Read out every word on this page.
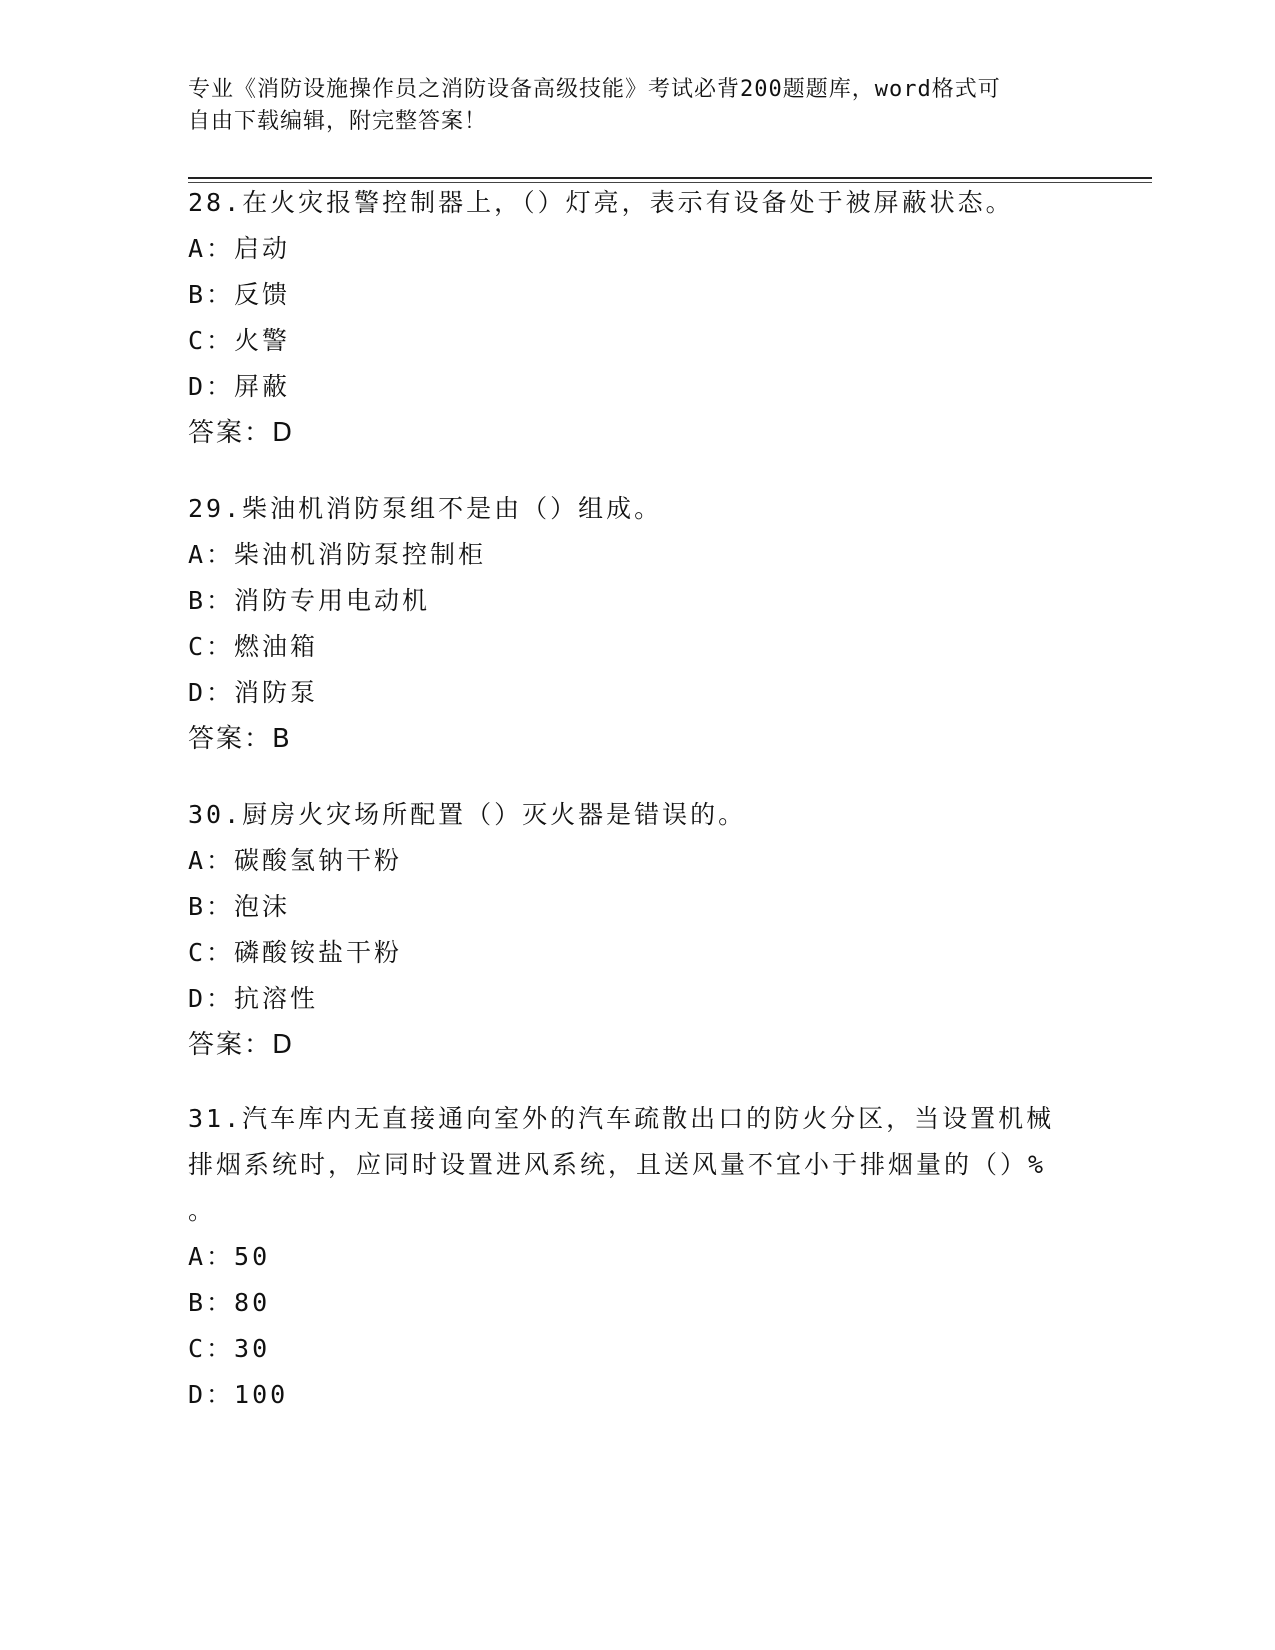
专业《消防设施操作员之消防设备高级技能》考试必背200题题库，word格式可
自由下载编辑，附完整答案！
28.在火灾报警控制器上，（）灯亮，表示有设备处于被屏蔽状态。
A：启动
B：反馈
C：火警
D：屏蔽
答案：D
29.柴油机消防泵组不是由（）组成。
A：柴油机消防泵控制柜
B：消防专用电动机
C：燃油箱
D：消防泵
答案：B
30.厨房火灾场所配置（）灭火器是错误的。
A：碳酸氢钠干粉
B：泡沫
C：磷酸铵盐干粉
D：抗溶性
答案：D
31.汽车库内无直接通向室外的汽车疏散出口的防火分区，当设置机械
排烟系统时，应同时设置进风系统，且送风量不宜小于排烟量的（）%
。
A：50
B：80
C：30
D：100
